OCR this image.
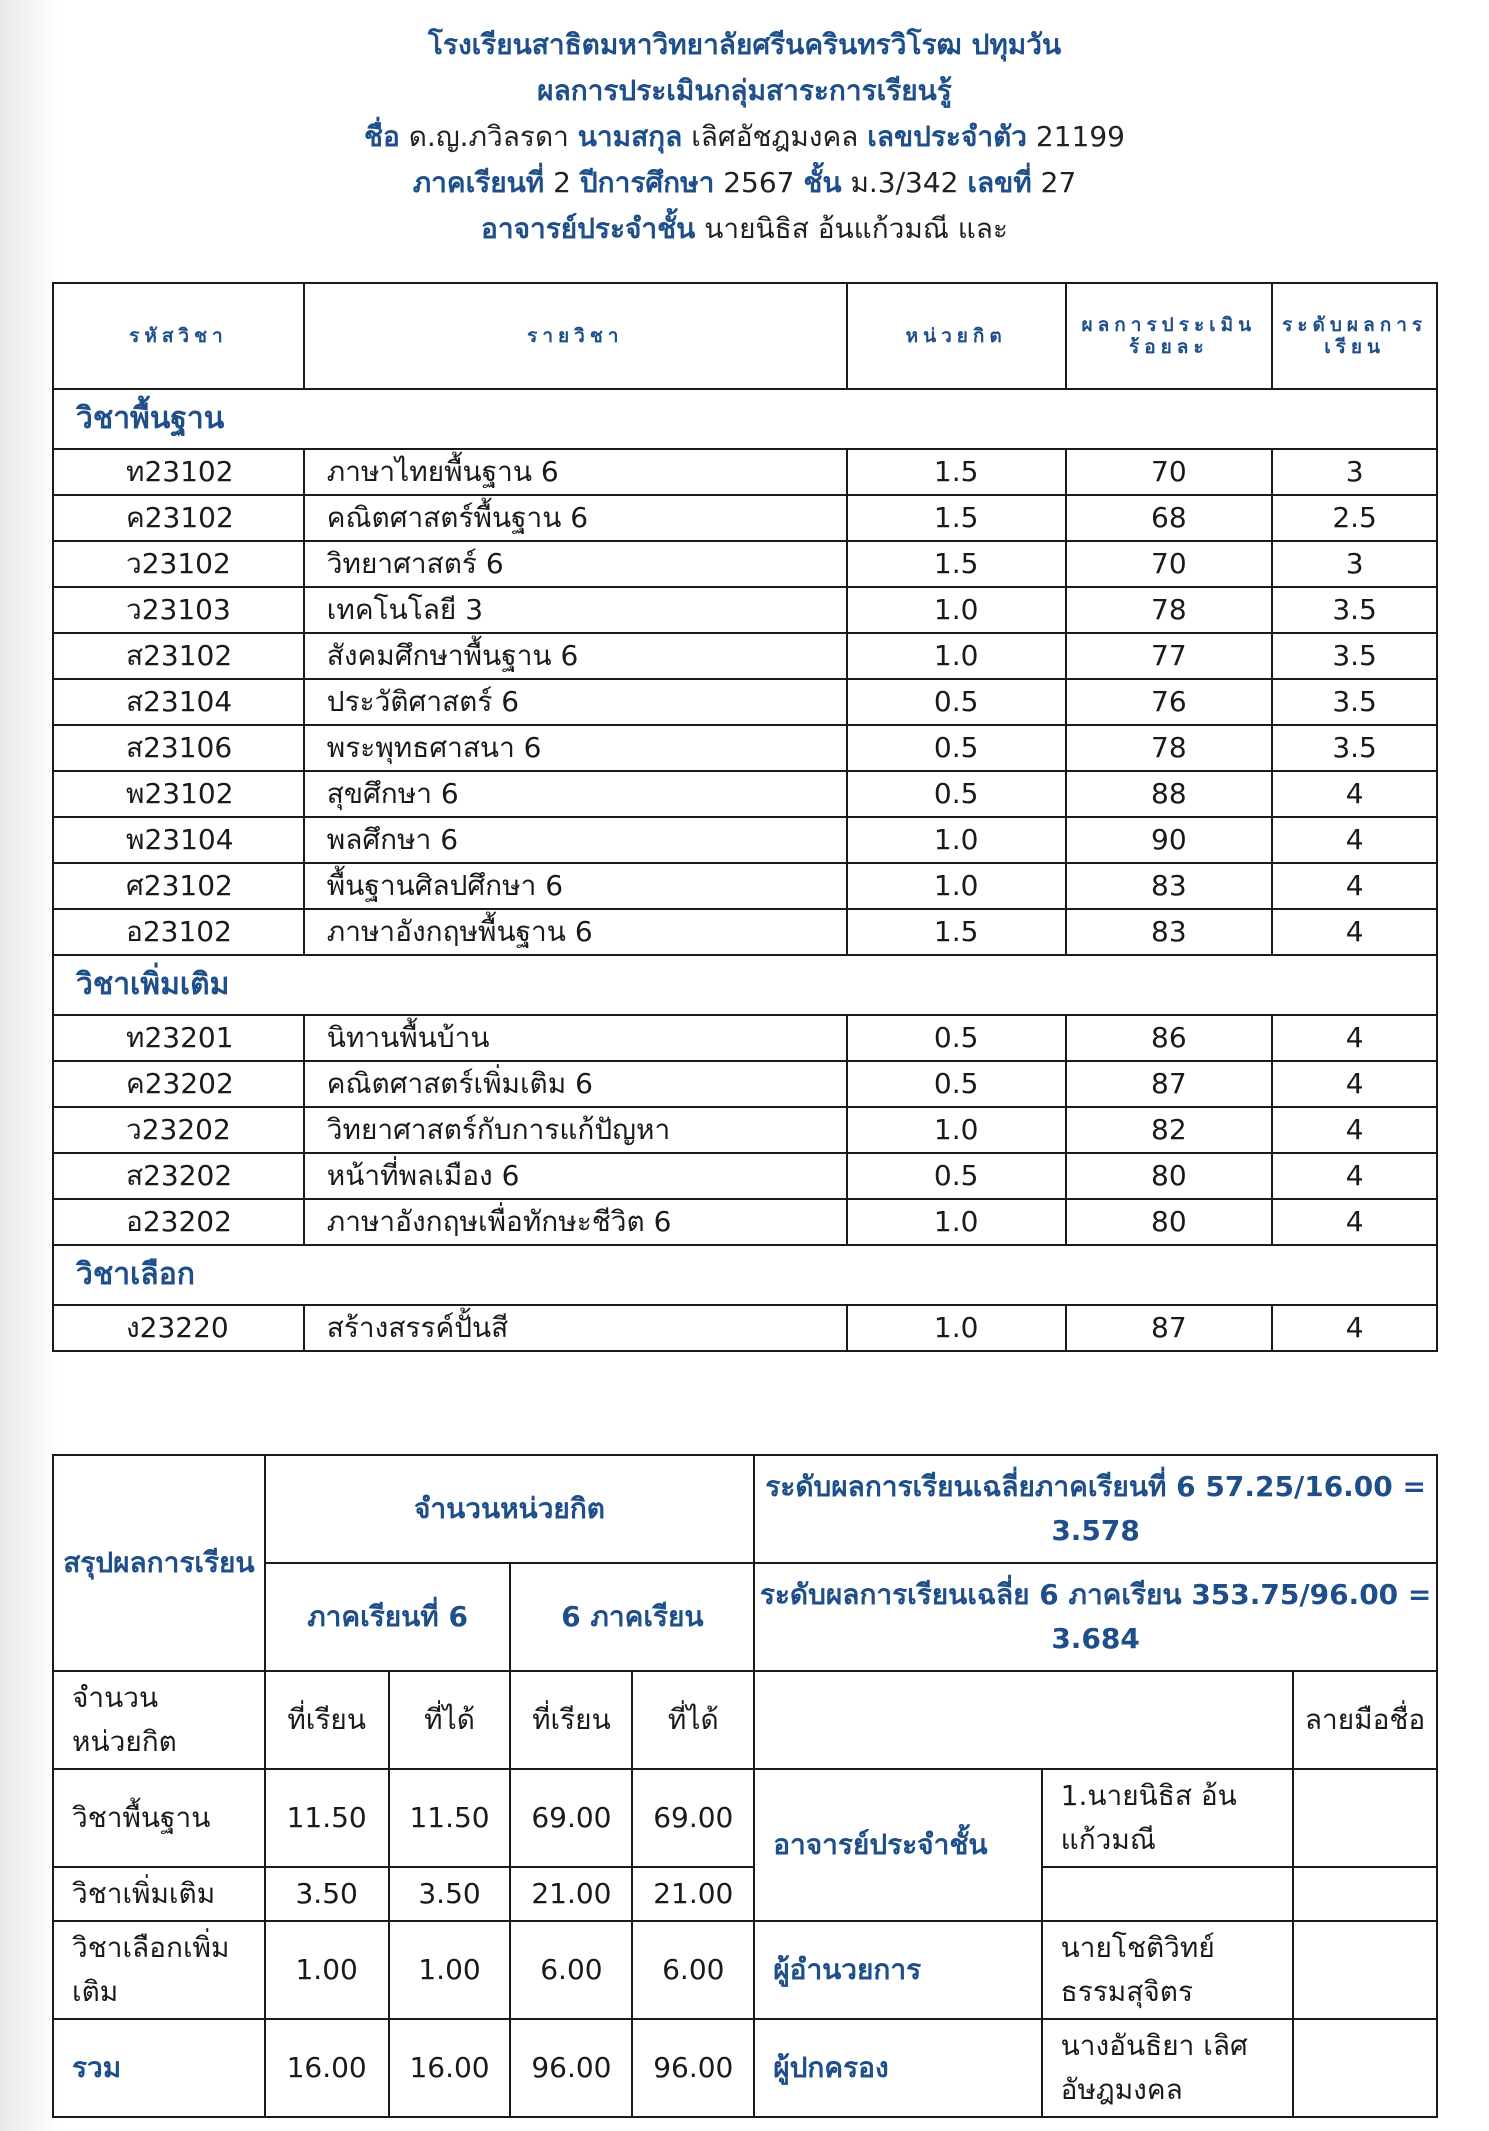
โรงเรียนสาธิตมหาวิทยาลัยศรีนครินทรวิโรฒ ปทุมวัน
ผลการประเมินกลุ่มสาระการเรียนรู้
ชื่อ ด.ญ.ภวิลรดา นามสกุล เลิศอัชฎมงคล เลขประจำตัว 21199
ภาคเรียนที่ 2 ปีการศึกษา 2567 ชั้น ม.3/342 เลขที่ 27
อาจารย์ประจำชั้น นายนิธิส อ้นแก้วมณี และ
รหัสวิชา	รายวิชา	หน่วยกิต	ผลการประเมินร้อยละ	ระดับผลการเรียน
วิชาพื้นฐาน				
ท23102	ภาษาไทยพื้นฐาน 6	1.5	70	3
ค23102	คณิตศาสตร์พื้นฐาน 6	1.5	68	2.5
ว23102	วิทยาศาสตร์ 6	1.5	70	3
ว23103	เทคโนโลยี 3	1.0	78	3.5
ส23102	สังคมศึกษาพื้นฐาน 6	1.0	77	3.5
ส23104	ประวัติศาสตร์ 6	0.5	76	3.5
ส23106	พระพุทธศาสนา 6	0.5	78	3.5
พ23102	สุขศึกษา 6	0.5	88	4
พ23104	พลศึกษา 6	1.0	90	4
ศ23102	พื้นฐานศิลปศึกษา 6	1.0	83	4
อ23102	ภาษาอังกฤษพื้นฐาน 6	1.5	83	4
วิชาเพิ่มเติม				
ท23201	นิทานพื้นบ้าน	0.5	86	4
ค23202	คณิตศาสตร์เพิ่มเติม 6	0.5	87	4
ว23202	วิทยาศาสตร์กับการแก้ปัญหา	1.0	82	4
ส23202	หน้าที่พลเมือง 6	0.5	80	4
อ23202	ภาษาอังกฤษเพื่อทักษะชีวิต 6	1.0	80	4
วิชาเลือก				
ง23220	สร้างสรรค์ปั้นสี	1.0	87	4
สรุปผลการเรียน	จำนวนหน่วยกิต				ระดับผลการเรียนเฉลี่ยภาคเรียนที่ 6 57.25/16.00 = 3.578		
	ภาคเรียนที่ 6		6 ภาคเรียน		ระดับผลการเรียนเฉลี่ย 6 ภาคเรียน 353.75/96.00 = 3.684		
จำนวนหน่วยกิต	ที่เรียน	ที่ได้	ที่เรียน	ที่ได้			ลายมือชื่อ
วิชาพื้นฐาน	11.50	11.50	69.00	69.00	อาจารย์ประจำชั้น	1.นายนิธิส อ้นแก้วมณี	
วิชาเพิ่มเติม	3.50	3.50	21.00	21.00			
วิชาเลือกเพิ่มเติม	1.00	1.00	6.00	6.00	ผู้อำนวยการ	นายโชติวิทย์ ธรรมสุจิตร	
รวม	16.00	16.00	96.00	96.00	ผู้ปกครอง	นางอันธิยา เลิศอัษฎมงคล	
